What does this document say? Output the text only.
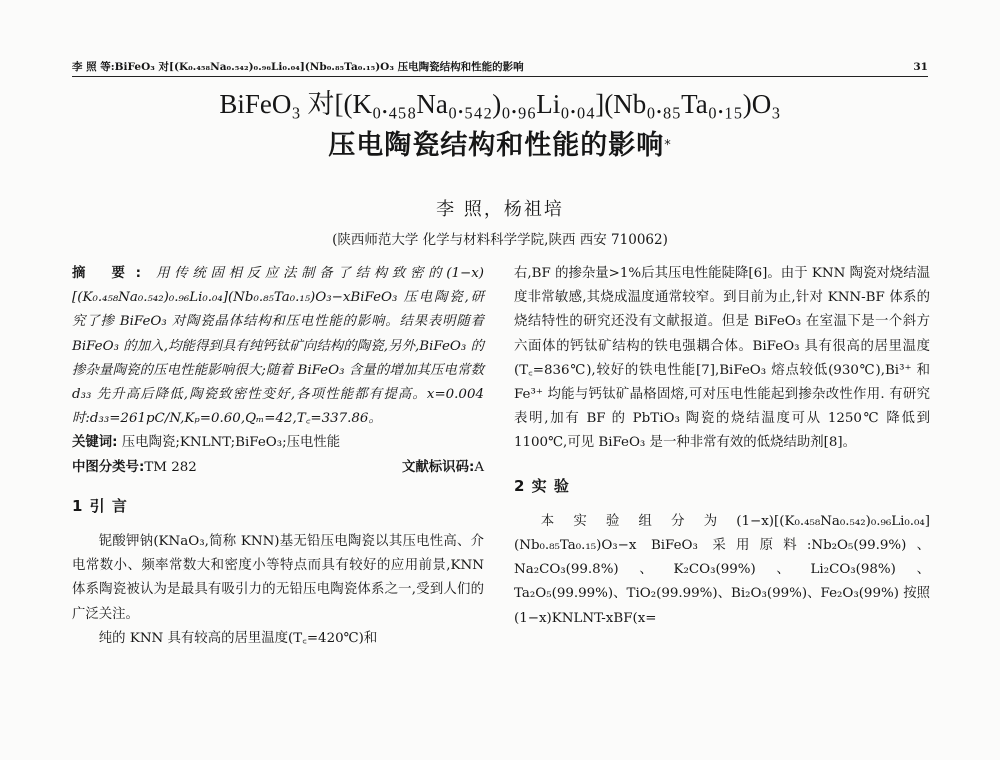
李 照 等:BiFeO₃ 对[(K₀.₄₅₈Na₀.₅₄₂)₀.₉₆Li₀.₀₄](Nb₀.₈₅Ta₀.₁₅)O₃ 压电陶瓷结构和性能的影响	31
BiFeO₃ 对[(K₀.₄₅₈Na₀.₅₄₂)₀.₉₆Li₀.₀₄](Nb₀.₈₅Ta₀.₁₅)O₃
压电陶瓷结构和性能的影响*
李 照，杨祖培
(陕西师范大学 化学与材料科学学院,陕西 西安 710062)

摘 要: 用传统固相反应法制备了结构致密的(1−x)[(K₀.₄₅₈Na₀.₅₄₂)₀.₉₆Li₀.₀₄](Nb₀.₈₅Ta₀.₁₅)O₃−xBiFeO₃ 压电陶瓷,研究了掺 BiFeO₃ 对陶瓷晶体结构和压电性能的影响。结果表明随着 BiFeO₃ 的加入,均能得到具有纯钙钛矿向结构的陶瓷,另外,BiFeO₃ 的掺杂量陶瓷的压电性能影响很大;随着 BiFeO₃ 含量的增加其压电常数 d₃₃ 先升高后降低,陶瓷致密性变好,各项性能都有提高。x=0.004 时:d₃₃=261pC/N,Kₚ=0.60,Qₘ=42,T꜀=337.86。

关键词: 压电陶瓷;KNLNT;BiFeO₃;压电性能

中图分类号:TM 282	文献标识码:A

1 引 言

铌酸钾钠(KNaO₃,简称 KNN)基无铅压电陶瓷以其压电性高、介电常数小、频率常数大和密度小等特点而具有较好的应用前景,KNN 体系陶瓷被认为是最具有吸引力的无铅压电陶瓷体系之一,受到人们的广泛关注。

纯的 KNN 具有较高的居里温度(T꜀=420℃)和

右,BF 的掺杂量>1%后其压电性能陡降[6]。由于 KNN 陶瓷对烧结温度非常敏感,其烧成温度通常较窄。到目前为止,针对 KNN-BF 体系的烧结特性的研究还没有文献报道。但是 BiFeO₃ 在室温下是一个斜方六面体的钙钛矿结构的铁电强耦合体。BiFeO₃ 具有很高的居里温度(T꜀=836℃),较好的铁电性能[7],BiFeO₃ 熔点较低(930℃),Bi³⁺ 和 Fe³⁺ 均能与钙钛矿晶格固熔,可对压电性能起到掺杂改性作用. 有研究表明,加有 BF 的 PbTiO₃ 陶瓷的烧结温度可从 1250℃ 降低到 1100℃,可见 BiFeO₃ 是一种非常有效的低烧结助剂[8]。

2 实 验

本实验组分为(1−x)[(K₀.₄₅₈Na₀.₅₄₂)₀.₉₆Li₀.₀₄](Nb₀.₈₅Ta₀.₁₅)O₃−x BiFeO₃ 采用原料:Nb₂O₅(99.9%)、Na₂CO₃(99.8%)、K₂CO₃(99%)、Li₂CO₃(98%)、Ta₂O₅(99.99%)、TiO₂(99.99%)、Bi₂O₃(99%)、Fe₂O₃(99%) 按照(1−x)KNLNT-xBF(x=
